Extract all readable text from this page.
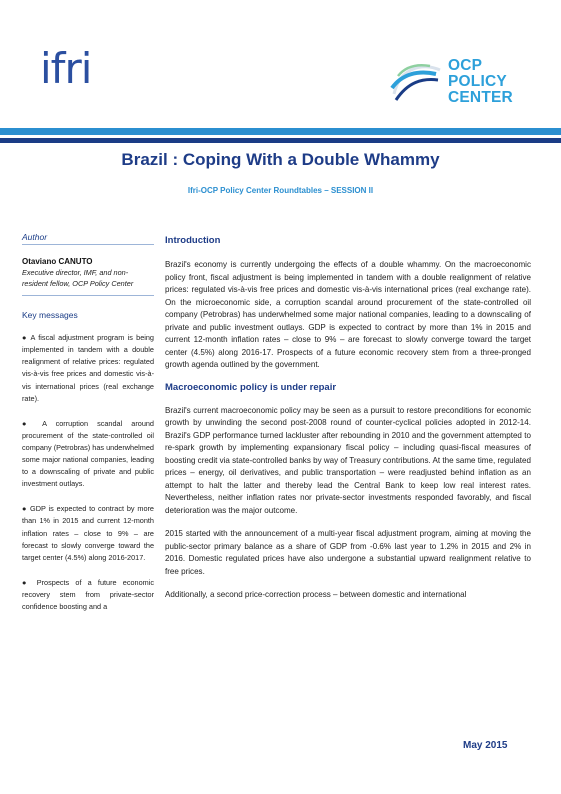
ifri	OCP
POLICY
CENTER
Brazil : Coping With a Double Whammy
Ifri-OCP Policy Center Roundtables – SESSION II
Author
Otaviano CANUTO
Executive director, IMF, and non-resident fellow, OCP Policy Center
Key messages

● A fiscal adjustment program is being implemented in tandem with a double realignment of relative prices: regulated vis-à-vis free prices and domestic vis-à-vis international prices (real exchange rate).

● A corruption scandal around procurement of the state-controlled oil company (Petrobras) has underwhelmed some major national companies, leading to a downscaling of private and public investment outlays.

● GDP is expected to contract by more than 1% in 2015 and current 12-month inflation rates – close to 9% – are forecast to slowly converge toward the target center (4.5%) along 2016-2017.

● Prospects of a future economic recovery stem from private-sector confidence boosting and a

Introduction

Brazil's economy is currently undergoing the effects of a double whammy. On the macroeconomic policy front, fiscal adjustment is being implemented in tandem with a double realignment of relative prices: regulated vis-à-vis free prices and domestic vis-à-vis international prices (real exchange rate). On the microeconomic side, a corruption scandal around procurement of the state-controlled oil company (Petrobras) has underwhelmed some major national companies, leading to a downscaling of private and public investment outlays. GDP is expected to contract by more than 1% in 2015 and current 12-month inflation rates – close to 9% – are forecast to slowly converge toward the target center (4.5%) along 2016-17. Prospects of a future economic recovery stem from a three-pronged growth agenda outlined by the government.

Macroeconomic policy is under repair

Brazil's current macroeconomic policy may be seen as a pursuit to restore preconditions for economic growth by unwinding the second post-2008 round of counter-cyclical policies adopted in 2012-14. Brazil's GDP performance turned lackluster after rebounding in 2010 and the government attempted to re-spark growth by implementing expansionary fiscal policy – including quasi-fiscal measures of boosting credit via state-controlled banks by way of Treasury contributions. At the same time, regulated prices – energy, oil derivatives, and public transportation – were readjusted behind inflation as an attempt to halt the latter and thereby lead the Central Bank to keep low real interest rates. Nevertheless, neither inflation rates nor private-sector investments responded favorably, and fiscal deterioration was the major outcome.

2015 started with the announcement of a multi-year fiscal adjustment program, aiming at moving the public-sector primary balance as a share of GDP from -0.6% last year to 1.2% in 2015 and 2% in 2016. Domestic regulated prices have also undergone a substantial upward realignment relative to free prices.

Additionally, a second price-correction process – between domestic and international

May 2015
